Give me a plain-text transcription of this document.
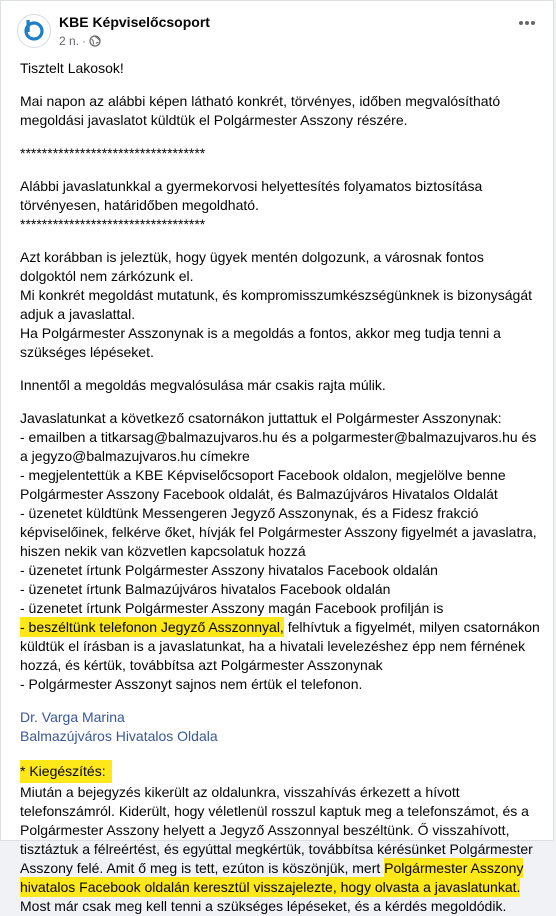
KBE Képviselőcsoport
2 n. ·

Tisztelt Lakosok!

Mai napon az alábbi képen látható konkrét, törvényes, időben megvalósítható megoldási javaslatot küldtük el Polgármester Asszony részére.

**********************************

Alábbi javaslatunkkal a gyermekorvosi helyettesítés folyamatos biztosítása törvényesen, határidőben megoldható.

**********************************

Azt korábban is jeleztük, hogy ügyek mentén dolgozunk, a városnak fontos dolgoktól nem zárkózunk el.
Mi konkrét megoldást mutatunk, és kompromisszumkészségünknek is bizonyságát adjuk a javaslattal.
Ha Polgármester Asszonynak is a megoldás a fontos, akkor meg tudja tenni a szükséges lépéseket.

Innentől a megoldás megvalósulása már csakis rajta múlik.

Javaslatunkat a következő csatornákon juttattuk el Polgármester Asszonynak:

- emailben a titkarsag@balmazujvaros.hu és a polgarmester@balmazujvaros.hu és a jegyzo@balmazujvaros.hu címekre
- megjelentettük a KBE Képviselőcsoport Facebook oldalon, megjelölve benne Polgármester Asszony Facebook oldalát, és Balmazújváros Hivatalos Oldalát
- üzenetet küldtünk Messengeren Jegyző Asszonynak, és a Fidesz frakció képviselőinek, felkérve őket, hívják fel Polgármester Asszony figyelmét a javaslatra, hiszen nekik van közvetlen kapcsolatuk hozzá
- üzenetet írtunk Polgármester Asszony hivatalos Facebook oldalán
- üzenetet írtunk Balmazújváros hivatalos Facebook oldalán
- üzenetet írtunk Polgármester Asszony magán Facebook profilján is

- beszéltünk telefonon Jegyző Asszonnyal, felhívtuk a figyelmét, milyen csatornákon küldtük el írásban is a javaslatunkat, ha a hivatali levelezéshez épp nem férnének hozzá, és kértük, továbbítsa azt Polgármester Asszonynak

- Polgármester Asszonyt sajnos nem értük el telefonon.

Dr. Varga Marina

Balmazújváros Hivatalos Oldala

* Kiegészítés:

Miután a bejegyzés kikerült az oldalunkra, visszahívás érkezett a hívott telefonszámról. Kiderült, hogy véletlenül rosszul kaptuk meg a telefonszámot, és a Polgármester Asszony helyett a Jegyző Asszonnyal beszéltünk. Ő visszahívott, tisztáztuk a félreértést, és egyúttal megkértük, továbbítsa kérésünket Polgármester Asszony felé. Amit ő meg is tett, ezúton is köszönjük, mert Polgármester Asszony hivatalos Facebook oldalán keresztül visszajelezte, hogy olvasta a javaslatunkat. Most már csak meg kell tenni a szükséges lépéseket, és a kérdés megoldódik.
